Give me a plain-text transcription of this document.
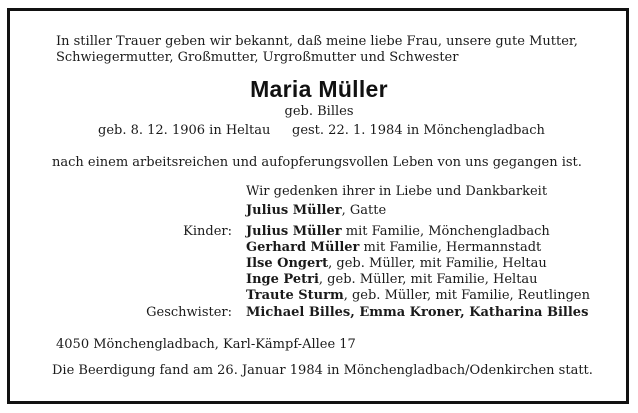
In stiller Trauer geben wir bekannt, daß meine liebe Frau, unsere gute Mutter,
Schwiegermutter, Großmutter, Urgroßmutter und Schwester
Maria Müller
geb. Billes
geb. 8. 12. 1906 in Heltau gest. 22. 1. 1984 in Mönchengladbach
nach einem arbeitsreichen und aufopferungsvollen Leben von uns gegangen ist.
Wir gedenken ihrer in Liebe und Dankbarkeit
Julius Müller, Gatte
Kinder: Julius Müller mit Familie, Mönchengladbach
Gerhard Müller mit Familie, Hermannstadt
Ilse Ongert, geb. Müller, mit Familie, Heltau
Inge Petri, geb. Müller, mit Familie, Heltau
Traute Sturm, geb. Müller, mit Familie, Reutlingen
Geschwister: Michael Billes, Emma Kroner, Katharina Billes
4050 Mönchengladbach, Karl-Kämpf-Allee 17
Die Beerdigung fand am 26. Januar 1984 in Mönchengladbach/Odenkirchen statt.
